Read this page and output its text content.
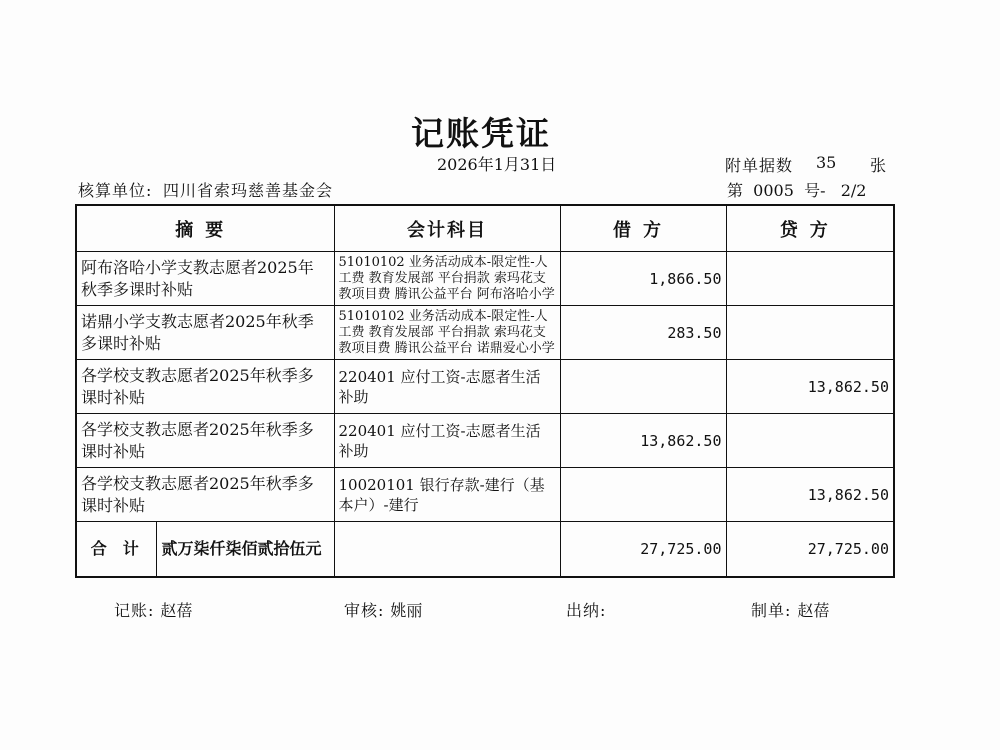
记账凭证
2026年1月31日	附单据数 35 张
核算单位: 四川省索玛慈善基金会	第  0005  号-   2/2
摘要	会计科目	借方	贷方
阿布洛哈小学支教志愿者2025年秋季多课时补贴	51010102 业务活动成本-限定性-人工费 教育发展部 平台捐款 索玛花支教项目费 腾讯公益平台 阿布洛哈小学	1,866.50	
诺鼎小学支教志愿者2025年秋季多课时补贴	51010102 业务活动成本-限定性-人工费 教育发展部 平台捐款 索玛花支教项目费 腾讯公益平台 诺鼎爱心小学	283.50	
各学校支教志愿者2025年秋季多课时补贴	220401 应付工资-志愿者生活补助		13,862.50
各学校支教志愿者2025年秋季多课时补贴	220401 应付工资-志愿者生活补助	13,862.50	
各学校支教志愿者2025年秋季多课时补贴	10020101 银行存款-建行（基本户）-建行		13,862.50

合计 贰万柒仟柒佰贰拾伍元		27,725.00	27,725.00
记账: 赵蓓	审核: 姚丽	出纳:	制单: 赵蓓
